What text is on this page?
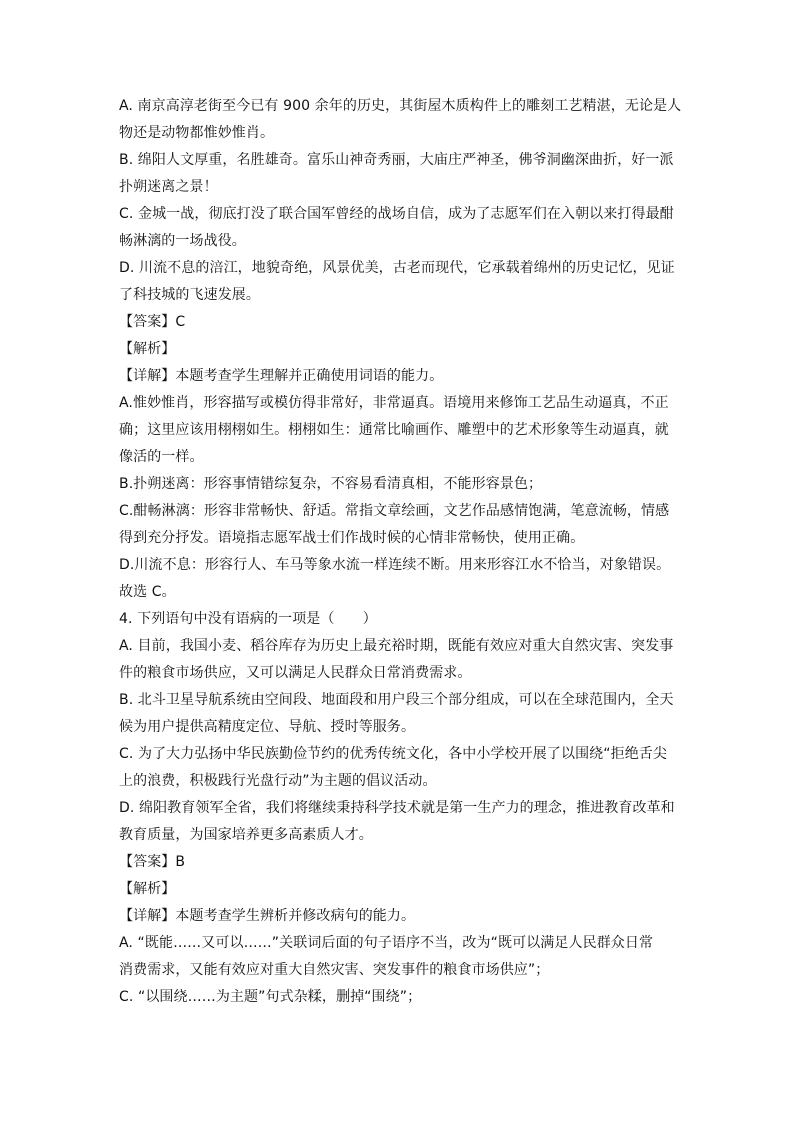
A. 南京高淳老街至今已有 900 余年的历史，其街屋木质构件上的雕刻工艺精湛，无论是人
物还是动物都惟妙惟肖。
B. 绵阳人文厚重，名胜雄奇。富乐山神奇秀丽，大庙庄严神圣，佛爷洞幽深曲折，好一派
扑朔迷离之景！
C. 金城一战，彻底打没了联合国军曾经的战场自信，成为了志愿军们在入朝以来打得最酣
畅淋漓的一场战役。
D. 川流不息的涪江，地貌奇绝，风景优美，古老而现代，它承载着绵州的历史记忆，见证
了科技城的飞速发展。
【答案】C
【解析】
【详解】本题考查学生理解并正确使用词语的能力。
A.惟妙惟肖，形容描写或模仿得非常好，非常逼真。语境用来修饰工艺品生动逼真，不正
确；这里应该用栩栩如生。栩栩如生：通常比喻画作、雕塑中的艺术形象等生动逼真，就
像活的一样。
B.扑朔迷离：形容事情错综复杂，不容易看清真相，不能形容景色；
C.酣畅淋漓：形容非常畅快、舒适。常指文章绘画，文艺作品感情饱满，笔意流畅，情感
得到充分抒发。语境指志愿军战士们作战时候的心情非常畅快，使用正确。
D.川流不息：形容行人、车马等象水流一样连续不断。用来形容江水不恰当，对象错误。
故选 C。
4. 下列语句中没有语病的一项是（　　）
A. 目前，我国小麦、稻谷库存为历史上最充裕时期，既能有效应对重大自然灾害、突发事
件的粮食市场供应，又可以满足人民群众日常消费需求。
B. 北斗卫星导航系统由空间段、地面段和用户段三个部分组成，可以在全球范围内，全天
候为用户提供高精度定位、导航、授时等服务。
C. 为了大力弘扬中华民族勤俭节约的优秀传统文化，各中小学校开展了以围绕“拒绝舌尖
上的浪费，积极践行光盘行动”为主题的倡议活动。
D. 绵阳教育领军全省，我们将继续秉持科学技术就是第一生产力的理念，推进教育改革和
教育质量，为国家培养更多高素质人才。
【答案】B
【解析】
【详解】本题考查学生辨析并修改病句的能力。
A. “既能……又可以……”关联词后面的句子语序不当，改为“既可以满足人民群众日常
消费需求，又能有效应对重大自然灾害、突发事件的粮食市场供应”；
C. “以围绕……为主题”句式杂糅，删掉“围绕”；
